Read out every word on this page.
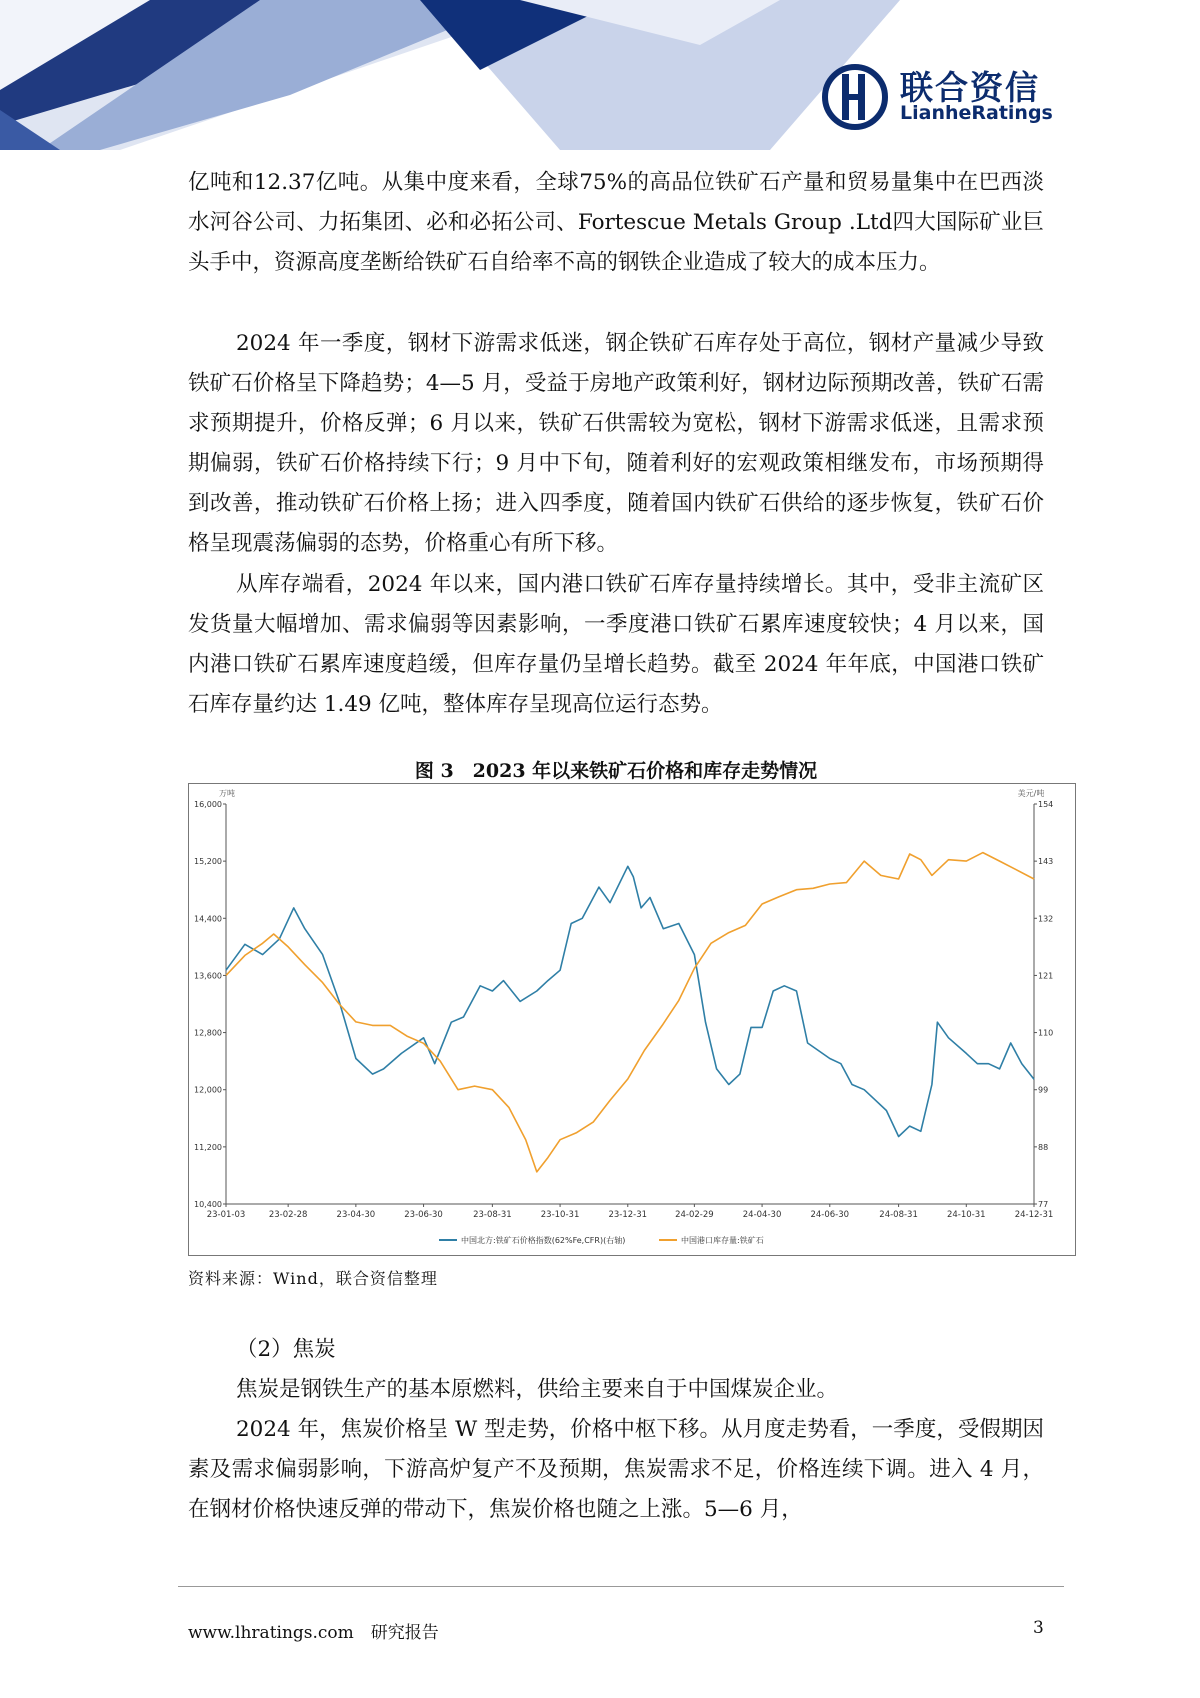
联合资信
LianheRatings

亿吨和12.37亿吨。从集中度来看，全球75%的高品位铁矿石产量和贸易量集中在巴西淡水河谷公司、力拓集团、必和必拓公司、Fortescue Metals Group .Ltd四大国际矿业巨头手中，资源高度垄断给铁矿石自给率不高的钢铁企业造成了较大的成本压力。

2024 年一季度，钢材下游需求低迷，钢企铁矿石库存处于高位，钢材产量减少导致铁矿石价格呈下降趋势；4—5 月，受益于房地产政策利好，钢材边际预期改善，铁矿石需求预期提升，价格反弹；6 月以来，铁矿石供需较为宽松，钢材下游需求低迷，且需求预期偏弱，铁矿石价格持续下行；9 月中下旬，随着利好的宏观政策相继发布，市场预期得到改善，推动铁矿石价格上扬；进入四季度，随着国内铁矿石供给的逐步恢复，铁矿石价格呈现震荡偏弱的态势，价格重心有所下移。

从库存端看，2024 年以来，国内港口铁矿石库存量持续增长。其中，受非主流矿区发货量大幅增加、需求偏弱等因素影响，一季度港口铁矿石累库速度较快；4 月以来，国内港口铁矿石累库速度趋缓，但库存量仍呈增长趋势。截至 2024 年年底，中国港口铁矿石库存量约达 1.49 亿吨，整体库存呈现高位运行态势。

图 3　2023 年以来铁矿石价格和库存走势情况
万吨	美元/吨
16,000
15,200
14,400
13,600
12,800
12,000
11,200
10,400
154
143
132
121
110
99
88
77
23-01-03	23-02-28	23-04-30	23-06-30	23-08-31	23-10-31	23-12-31	24-02-29	24-04-30	24-06-30	24-08-31	24-10-31	24-12-31
中国北方:铁矿石价格指数(62%Fe,CFR)(右轴)	中国港口库存量:铁矿石
资料来源：Wind，联合资信整理

（2）焦炭

焦炭是钢铁生产的基本原燃料，供给主要来自于中国煤炭企业。

2024 年，焦炭价格呈 W 型走势，价格中枢下移。从月度走势看，一季度，受假期因素及需求偏弱影响，下游高炉复产不及预期，焦炭需求不足，价格连续下调。进入 4 月，在钢材价格快速反弹的带动下，焦炭价格也随之上涨。5—6 月，

www.lhratings.com　研究报告	3
